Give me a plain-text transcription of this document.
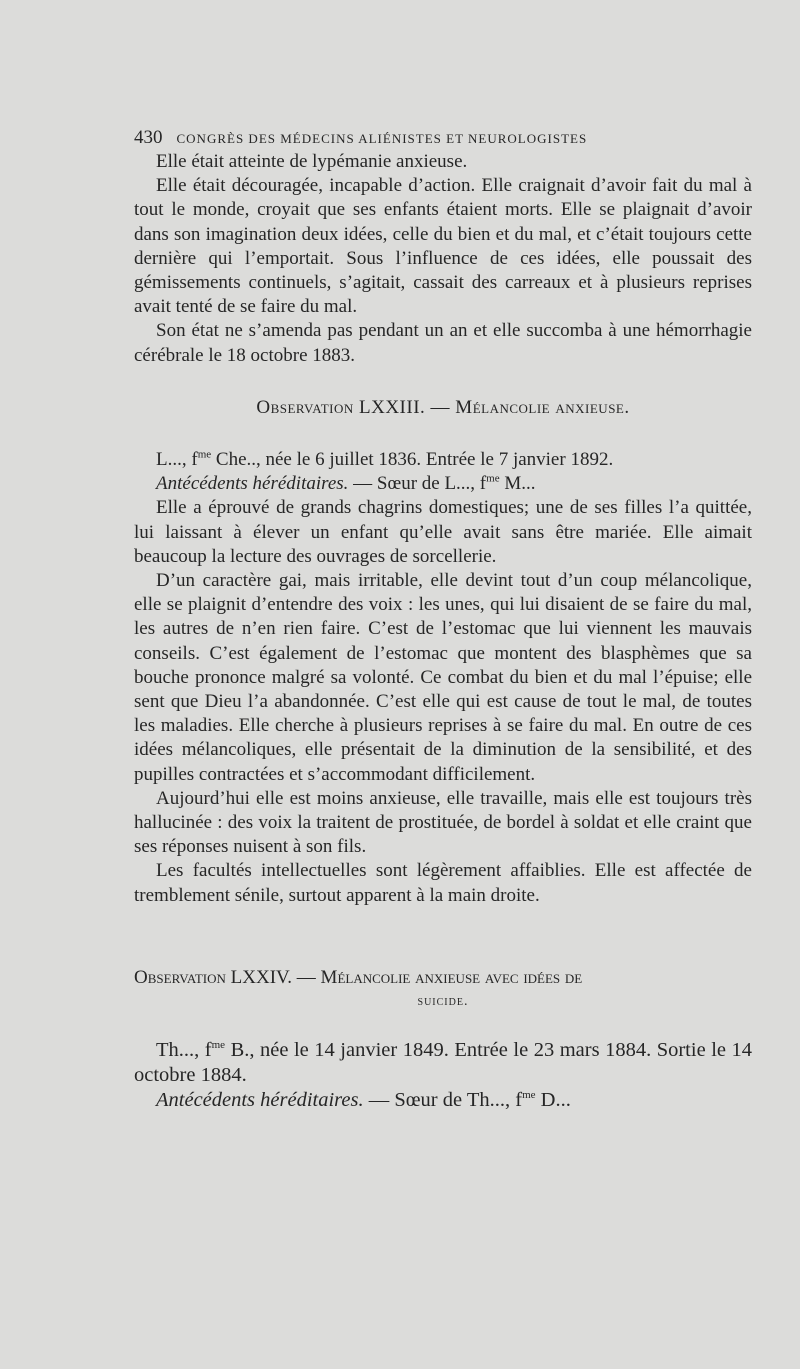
430 CONGRÈS DES MÉDECINS ALIÉNISTES ET NEUROLOGISTES

Elle était atteinte de lypémanie anxieuse.

Elle était découragée, incapable d’action. Elle craignait d’avoir fait du mal à tout le monde, croyait que ses enfants étaient morts. Elle se plaignait d’avoir dans son imagination deux idées, celle du bien et du mal, et c’était toujours cette dernière qui l’emportait. Sous l’influence de ces idées, elle poussait des gémissements continuels, s’agitait, cassait des carreaux et à plusieurs reprises avait tenté de se faire du mal.

Son état ne s’amenda pas pendant un an et elle succomba à une hémorrhagie cérébrale le 18 octobre 1883.

Observation LXXIII. — Mélancolie anxieuse.

L..., $f^{me}$ Che.., née le 6 juillet 1836. Entrée le 7 janvier 1892.

Antécédents héréditaires. — Sœur de L..., $f^{me}$ M...

Elle a éprouvé de grands chagrins domestiques; une de ses filles l’a quittée, lui laissant à élever un enfant qu’elle avait sans être mariée. Elle aimait beaucoup la lecture des ouvrages de sorcellerie.

D’un caractère gai, mais irritable, elle devint tout d’un coup mélancolique, elle se plaignit d’entendre des voix : les unes, qui lui disaient de se faire du mal, les autres de n’en rien faire. C’est de l’estomac que lui viennent les mauvais conseils. C’est également de l’estomac que montent des blasphèmes que sa bouche prononce malgré sa volonté. Ce combat du bien et du mal l’épuise; elle sent que Dieu l’a abandonnée. C’est elle qui est cause de tout le mal, de toutes les maladies. Elle cherche à plusieurs reprises à se faire du mal. En outre de ces idées mélancoliques, elle présentait de la diminution de la sensibilité, et des pupilles contractées et s’accommodant difficilement.

Aujourd’hui elle est moins anxieuse, elle travaille, mais elle est toujours très hallucinée : des voix la traitent de prostituée, de bordel à soldat et elle craint que ses réponses nuisent à son fils.

Les facultés intellectuelles sont légèrement affaiblies. Elle est affectée de tremblement sénile, surtout apparent à la main droite.

Observation LXXIV. — Mélancolie anxieuse avec idées de
suicide.

Th..., $f^{me}$ B., née le 14 janvier 1849. Entrée le 23 mars 1884. Sortie le 14 octobre 1884.

Antécédents héréditaires. — Sœur de Th..., $f^{me}$ D...
